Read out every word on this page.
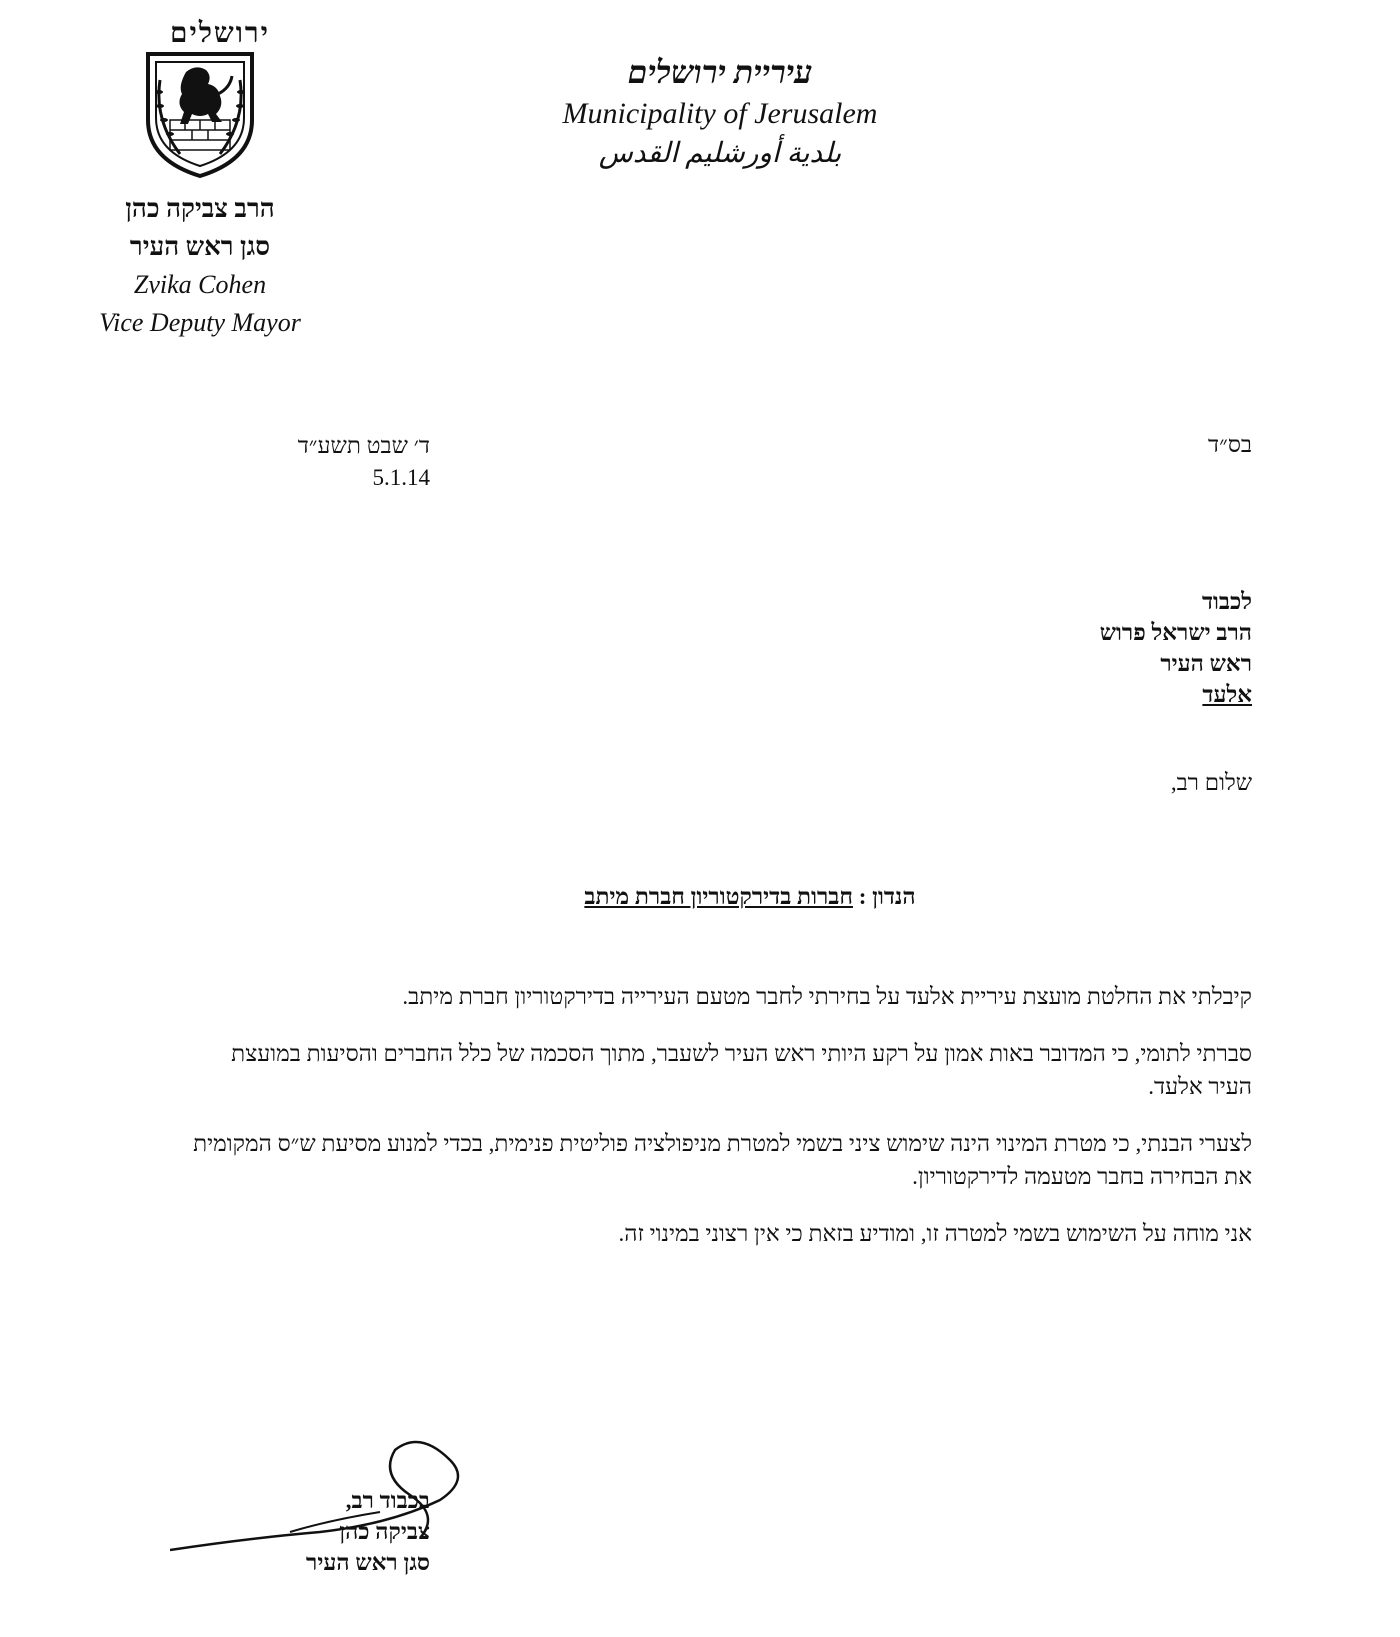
ירושלים
הרב צביקה כהן
סגן ראש העיר
Zvika Cohen
Vice Deputy Mayor
עיריית ירושלים
Municipality of Jerusalem
بلدية أورشليم القدس
ד׳ שבט תשע״ד
5.1.14
בס״ד
לכבוד
הרב ישראל פרוש
ראש העיר
אלעד
שלום רב,
הנדון : חברות בדירקטוריון חברת מיתב

קיבלתי את החלטת מועצת עיריית אלעד על בחירתי לחבר מטעם העירייה בדירקטוריון חברת מיתב.

סברתי לתומי, כי המדובר באות אמון על רקע היותי ראש העיר לשעבר, מתוך הסכמה של כלל החברים והסיעות במועצת העיר אלעד.

לצערי הבנתי, כי מטרת המינוי הינה שימוש ציני בשמי למטרת מניפולציה פוליטית פנימית, בכדי למנוע מסיעת ש״ס המקומית את הבחירה בחבר מטעמה לדירקטוריון.

אני מוחה על השימוש בשמי למטרה זו, ומודיע בזאת כי אין רצוני במינוי זה.

בכבוד רב,
צביקה כהן
סגן ראש העיר
